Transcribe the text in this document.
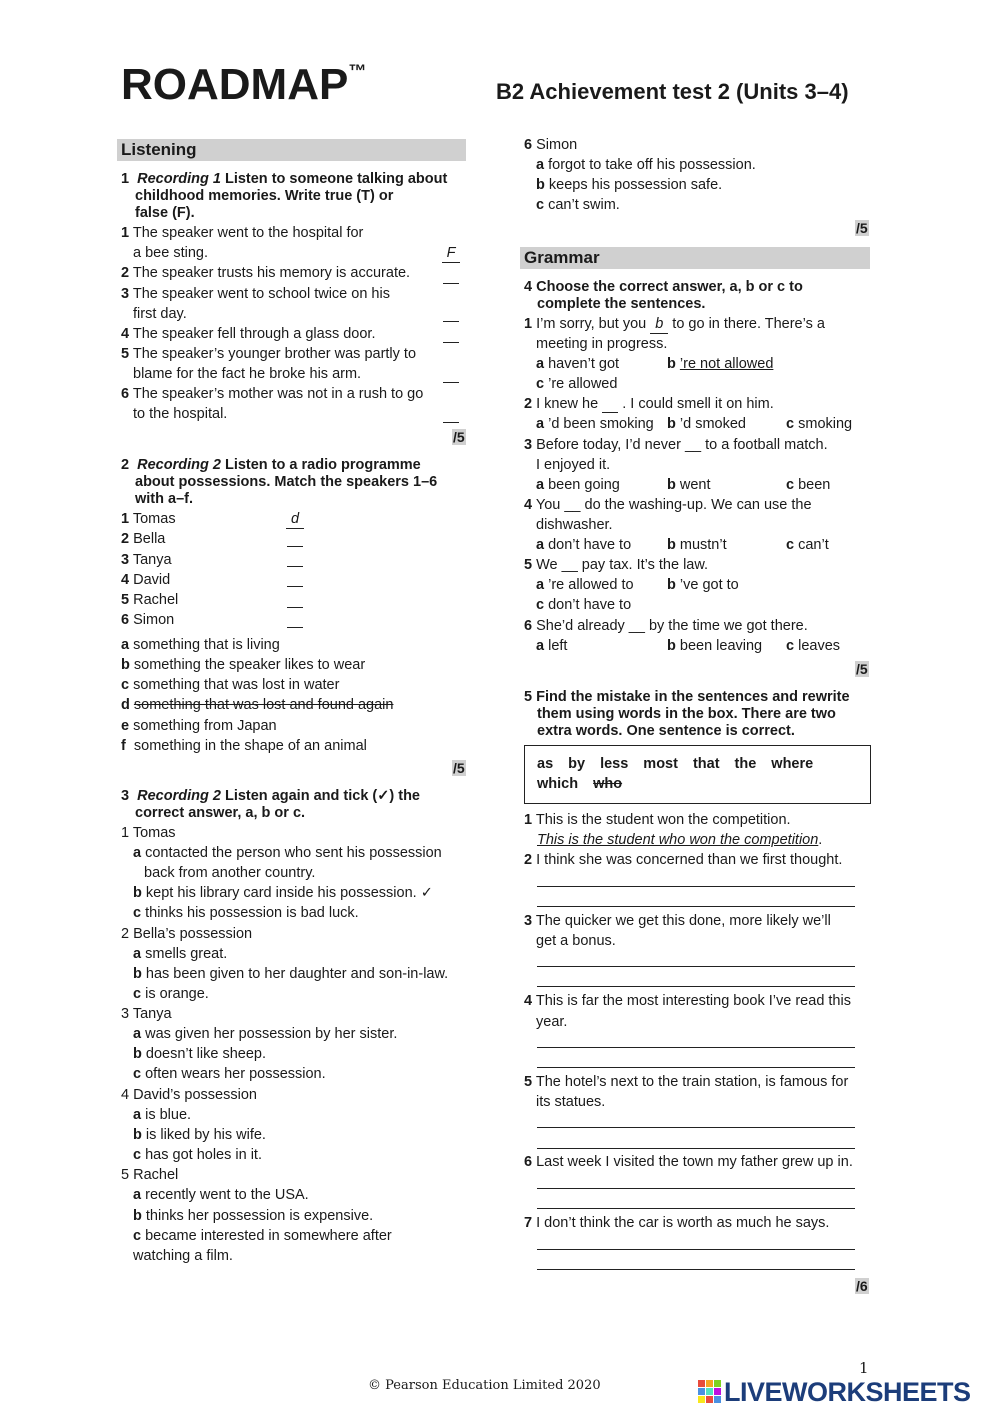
ROADMAP™
B2 Achievement test 2 (Units 3–4)
Listening
1 Recording 1 Listen to someone talking about
childhood memories. Write true (T) or
false (F).
1 The speaker went to the hospital for
a bee sting.	F
2 The speaker trusts his memory is accurate.
3 The speaker went to school twice on his
first day.
4 The speaker fell through a glass door.
5 The speaker’s younger brother was partly to
blame for the fact he broke his arm.
6 The speaker’s mother was not in a rush to go
to the hospital.
/5
2 Recording 2 Listen to a radio programme
about possessions. Match the speakers 1–6
with a–f.
1 Tomas	d
2 Bella
3 Tanya
4 David
5 Rachel
6 Simon
a something that is living
b something the speaker likes to wear
c something that was lost in water
d something that was lost and found again
e something from Japan
f something in the shape of an animal
/5
3 Recording 2 Listen again and tick (✓) the
correct answer, a, b or c.
1 Tomas
a contacted the person who sent his possession
back from another country.
b kept his library card inside his possession. ✓
c thinks his possession is bad luck.
2 Bella’s possession
a smells great.
b has been given to her daughter and son-in-law.
c is orange.
3 Tanya
a was given her possession by her sister.
b doesn’t like sheep.
c often wears her possession.
4 David’s possession
a is blue.
b is liked by his wife.
c has got holes in it.
5 Rachel
a recently went to the USA.
b thinks her possession is expensive.
c became interested in somewhere after
watching a film.
6 Simon
a forgot to take off his possession.
b keeps his possession safe.
c can’t swim.
/5
Grammar
4 Choose the correct answer, a, b or c to
complete the sentences.
1 I’m sorry, but you b to go in there. There’s a
meeting in progress.
a haven’t got	b ’re not allowed
c ’re allowed
2 I knew he . I could smell it on him.
a ’d been smoking b ’d smoked	c smoking
3 Before today, I’d never __ to a football match.
I enjoyed it.
a been going	b went	c been
4 You __ do the washing-up. We can use the
dishwasher.
a don’t have to b mustn’t	c can’t
5 We __ pay tax. It’s the law.
a ’re allowed to b ’ve got to
c don’t have to
6 She’d already __ by the time we got there.
a left	b been leaving c leaves
/5
5 Find the mistake in the sentences and rewrite
them using words in the box. There are two
extra words. One sentence is correct.
as by less most that the where
which who
1 This is the student won the competition.
This is the student who won the competition.
2 I think she was concerned than we first thought.
3 The quicker we get this done, more likely we’ll
get a bonus.
4 This is far the most interesting book I’ve read this
year.
5 The hotel’s next to the train station, is famous for
its statues.
6 Last week I visited the town my father grew up in.
7 I don’t think the car is worth as much he says.
/6
1
© Pearson Education Limited 2020	LIVEWORKSHEETS
